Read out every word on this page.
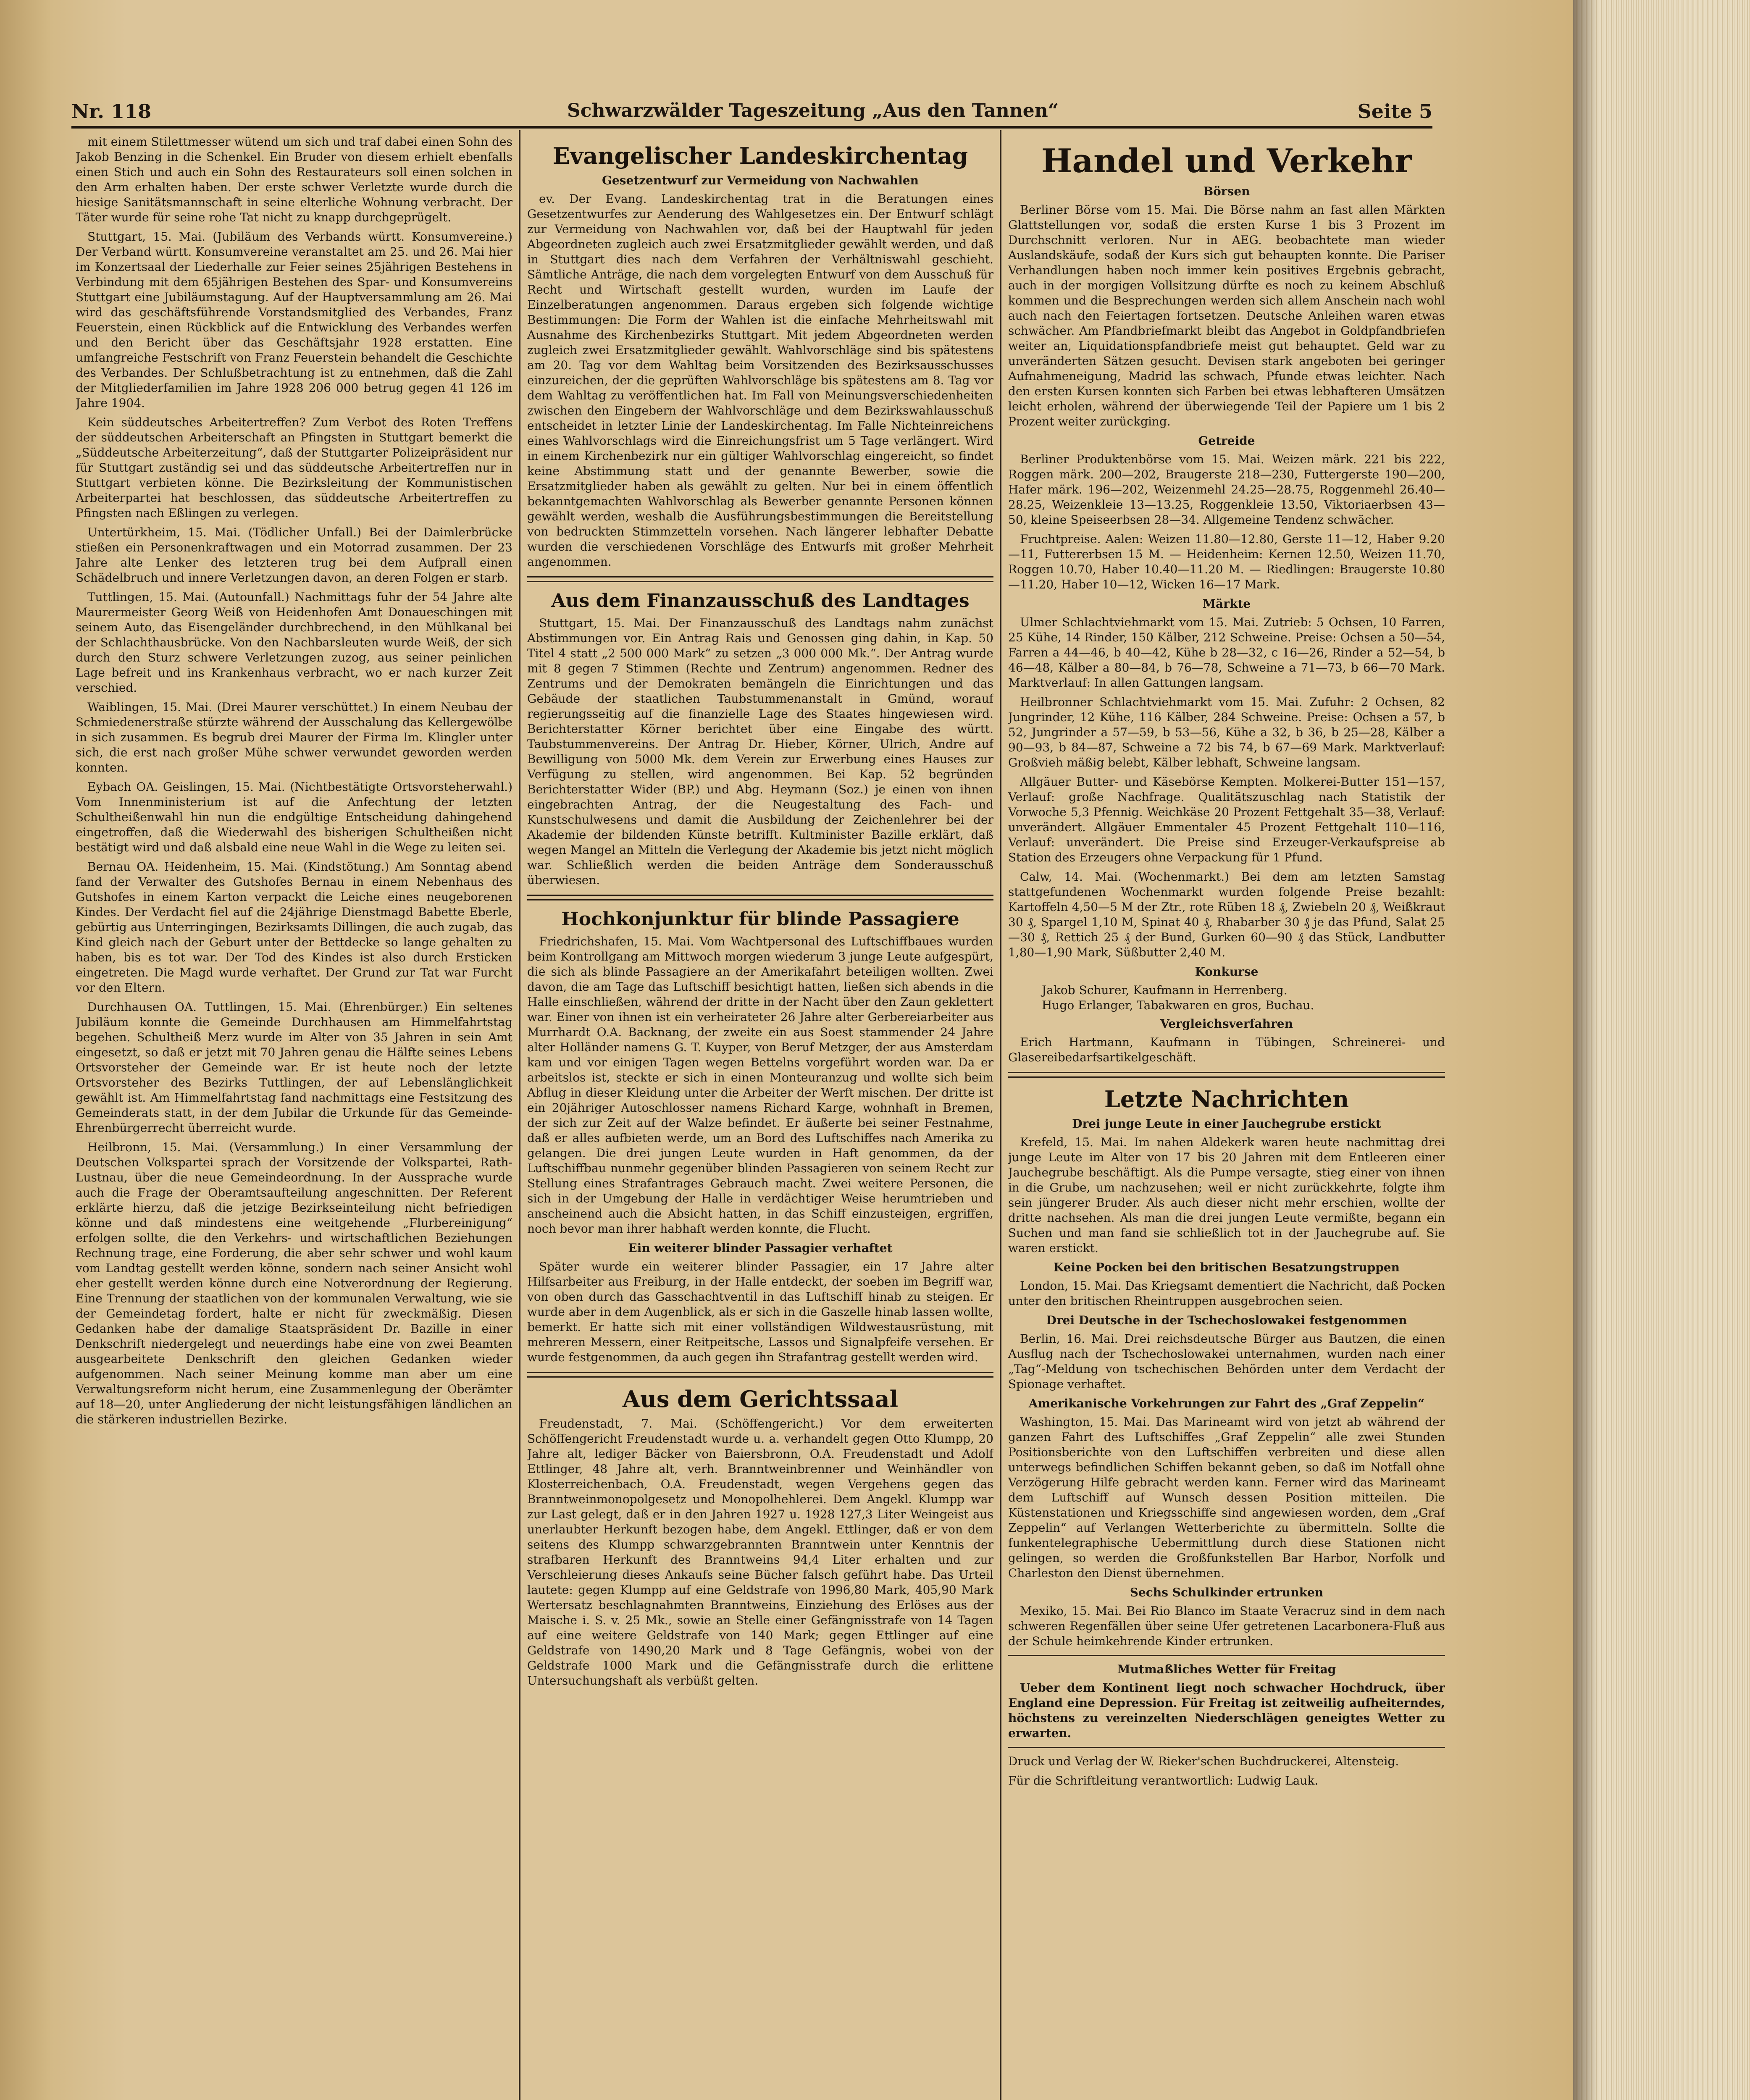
Nr. 118	Schwarzwälder Tageszeitung „Aus den Tannen“	Seite 5

mit einem Stilettmesser wütend um sich und traf dabei einen Sohn des Jakob Benzing in die Schenkel. Ein Bruder von diesem erhielt ebenfalls einen Stich und auch ein Sohn des Restaurateurs soll einen solchen in den Arm erhalten haben. Der erste schwer Verletzte wurde durch die hiesige Sanitätsmannschaft in seine elterliche Wohnung verbracht. Der Täter wurde für seine rohe Tat nicht zu knapp durchgeprügelt.

Stuttgart, 15. Mai. (Jubiläum des Verbands württ. Konsumvereine.) Der Verband württ. Konsumvereine veranstaltet am 25. und 26. Mai hier im Konzertsaal der Liederhalle zur Feier seines 25jährigen Bestehens in Verbindung mit dem 65jährigen Bestehen des Spar- und Konsumvereins Stuttgart eine Jubiläumstagung. Auf der Hauptversammlung am 26. Mai wird das geschäftsführende Vorstandsmitglied des Verbandes, Franz Feuerstein, einen Rückblick auf die Entwicklung des Verbandes werfen und den Bericht über das Geschäftsjahr 1928 erstatten. Eine umfangreiche Festschrift von Franz Feuerstein behandelt die Geschichte des Verbandes. Der Schlußbetrachtung ist zu entnehmen, daß die Zahl der Mitgliederfamilien im Jahre 1928 206 000 betrug gegen 41 126 im Jahre 1904.

Kein süddeutsches Arbeitertreffen? Zum Verbot des Roten Treffens der süddeutschen Arbeiterschaft an Pfingsten in Stuttgart bemerkt die „Süddeutsche Arbeiterzeitung“, daß der Stuttgarter Polizeipräsident nur für Stuttgart zuständig sei und das süddeutsche Arbeitertreffen nur in Stuttgart verbieten könne. Die Bezirksleitung der Kommunistischen Arbeiterpartei hat beschlossen, das süddeutsche Arbeitertreffen zu Pfingsten nach Eßlingen zu verlegen.

Untertürkheim, 15. Mai. (Tödlicher Unfall.) Bei der Daimlerbrücke stießen ein Personenkraftwagen und ein Motorrad zusammen. Der 23 Jahre alte Lenker des letzteren trug bei dem Aufprall einen Schädelbruch und innere Verletzungen davon, an deren Folgen er starb.

Tuttlingen, 15. Mai. (Autounfall.) Nachmittags fuhr der 54 Jahre alte Maurermeister Georg Weiß von Heidenhofen Amt Donaueschingen mit seinem Auto, das Eisengeländer durchbrechend, in den Mühlkanal bei der Schlachthausbrücke. Von den Nachbarsleuten wurde Weiß, der sich durch den Sturz schwere Verletzungen zuzog, aus seiner peinlichen Lage befreit und ins Krankenhaus verbracht, wo er nach kurzer Zeit verschied.

Waiblingen, 15. Mai. (Drei Maurer verschüttet.) In einem Neubau der Schmiedenerstraße stürzte während der Ausschalung das Kellergewölbe in sich zusammen. Es begrub drei Maurer der Firma Im. Klingler unter sich, die erst nach großer Mühe schwer verwundet geworden werden konnten.

Eybach OA. Geislingen, 15. Mai. (Nichtbestätigte Ortsvorsteherwahl.) Vom Innenministerium ist auf die Anfechtung der letzten Schultheißenwahl hin nun die endgültige Entscheidung dahingehend eingetroffen, daß die Wiederwahl des bisherigen Schultheißen nicht bestätigt wird und daß alsbald eine neue Wahl in die Wege zu leiten sei.

Bernau OA. Heidenheim, 15. Mai. (Kindstötung.) Am Sonntag abend fand der Verwalter des Gutshofes Bernau in einem Nebenhaus des Gutshofes in einem Karton verpackt die Leiche eines neugeborenen Kindes. Der Verdacht fiel auf die 24jährige Dienstmagd Babette Eberle, gebürtig aus Unterringingen, Bezirksamts Dillingen, die auch zugab, das Kind gleich nach der Geburt unter der Bettdecke so lange gehalten zu haben, bis es tot war. Der Tod des Kindes ist also durch Ersticken eingetreten. Die Magd wurde verhaftet. Der Grund zur Tat war Furcht vor den Eltern.

Durchhausen OA. Tuttlingen, 15. Mai. (Ehrenbürger.) Ein seltenes Jubiläum konnte die Gemeinde Durchhausen am Himmelfahrtstag begehen. Schultheiß Merz wurde im Alter von 35 Jahren in sein Amt eingesetzt, so daß er jetzt mit 70 Jahren genau die Hälfte seines Lebens Ortsvorsteher der Gemeinde war. Er ist heute noch der letzte Ortsvorsteher des Bezirks Tuttlingen, der auf Lebenslänglichkeit gewählt ist. Am Himmelfahrtstag fand nachmittags eine Festsitzung des Gemeinderats statt, in der dem Jubilar die Urkunde für das Gemeinde-Ehrenbürgerrecht überreicht wurde.

Heilbronn, 15. Mai. (Versammlung.) In einer Versammlung der Deutschen Volkspartei sprach der Vorsitzende der Volkspartei, Rath-Lustnau, über die neue Gemeindeordnung. In der Aussprache wurde auch die Frage der Oberamtsaufteilung angeschnitten. Der Referent erklärte hierzu, daß die jetzige Bezirkseinteilung nicht befriedigen könne und daß mindestens eine weitgehende „Flurbereinigung“ erfolgen sollte, die den Verkehrs- und wirtschaftlichen Beziehungen Rechnung trage, eine Forderung, die aber sehr schwer und wohl kaum vom Landtag gestellt werden könne, sondern nach seiner Ansicht wohl eher gestellt werden könne durch eine Notverordnung der Regierung. Eine Trennung der staatlichen von der kommunalen Verwaltung, wie sie der Gemeindetag fordert, halte er nicht für zweckmäßig. Diesen Gedanken habe der damalige Staatspräsident Dr. Bazille in einer Denkschrift niedergelegt und neuerdings habe eine von zwei Beamten ausgearbeitete Denkschrift den gleichen Gedanken wieder aufgenommen. Nach seiner Meinung komme man aber um eine Verwaltungsreform nicht herum, eine Zusammenlegung der Oberämter auf 18—20, unter Angliederung der nicht leistungsfähigen ländlichen an die stärkeren industriellen Bezirke.

Evangelischer Landeskirchentag
Gesetzentwurf zur Vermeidung von Nachwahlen

ev. Der Evang. Landeskirchentag trat in die Beratungen eines Gesetzentwurfes zur Aenderung des Wahlgesetzes ein. Der Entwurf schlägt zur Vermeidung von Nachwahlen vor, daß bei der Hauptwahl für jeden Abgeordneten zugleich auch zwei Ersatzmitglieder gewählt werden, und daß in Stuttgart dies nach dem Verfahren der Verhältniswahl geschieht. Sämtliche Anträge, die nach dem vorgelegten Entwurf von dem Ausschuß für Recht und Wirtschaft gestellt wurden, wurden im Laufe der Einzelberatungen angenommen. Daraus ergeben sich folgende wichtige Bestimmungen: Die Form der Wahlen ist die einfache Mehrheitswahl mit Ausnahme des Kirchenbezirks Stuttgart. Mit jedem Abgeordneten werden zugleich zwei Ersatzmitglieder gewählt. Wahlvorschläge sind bis spätestens am 20. Tag vor dem Wahltag beim Vorsitzenden des Bezirksausschusses einzureichen, der die geprüften Wahlvorschläge bis spätestens am 8. Tag vor dem Wahltag zu veröffentlichen hat. Im Fall von Meinungsverschiedenheiten zwischen den Eingebern der Wahlvorschläge und dem Bezirkswahlausschuß entscheidet in letzter Linie der Landeskirchentag. Im Falle Nichteinreichens eines Wahlvorschlags wird die Einreichungsfrist um 5 Tage verlängert. Wird in einem Kirchenbezirk nur ein gültiger Wahlvorschlag eingereicht, so findet keine Abstimmung statt und der genannte Bewerber, sowie die Ersatzmitglieder haben als gewählt zu gelten. Nur bei in einem öffentlich bekanntgemachten Wahlvorschlag als Bewerber genannte Personen können gewählt werden, weshalb die Ausführungsbestimmungen die Bereitstellung von bedruckten Stimmzetteln vorsehen. Nach längerer lebhafter Debatte wurden die verschiedenen Vorschläge des Entwurfs mit großer Mehrheit angenommen.

Aus dem Finanzausschuß des Landtages

Stuttgart, 15. Mai. Der Finanzausschuß des Landtags nahm zunächst Abstimmungen vor. Ein Antrag Rais und Genossen ging dahin, in Kap. 50 Titel 4 statt „2 500 000 Mark“ zu setzen „3 000 000 Mk.“. Der Antrag wurde mit 8 gegen 7 Stimmen (Rechte und Zentrum) angenommen. Redner des Zentrums und der Demokraten bemängeln die Einrichtungen und das Gebäude der staatlichen Taubstummenanstalt in Gmünd, worauf regierungsseitig auf die finanzielle Lage des Staates hingewiesen wird. Berichterstatter Körner berichtet über eine Eingabe des württ. Taubstummenvereins. Der Antrag Dr. Hieber, Körner, Ulrich, Andre auf Bewilligung von 5000 Mk. dem Verein zur Erwerbung eines Hauses zur Verfügung zu stellen, wird angenommen. Bei Kap. 52 begründen Berichterstatter Wider (BP.) und Abg. Heymann (Soz.) je einen von ihnen eingebrachten Antrag, der die Neugestaltung des Fach- und Kunstschulwesens und damit die Ausbildung der Zeichenlehrer bei der Akademie der bildenden Künste betrifft. Kultminister Bazille erklärt, daß wegen Mangel an Mitteln die Verlegung der Akademie bis jetzt nicht möglich war. Schließlich werden die beiden Anträge dem Sonderausschuß überwiesen.

Hochkonjunktur für blinde Passagiere

Friedrichshafen, 15. Mai. Vom Wachtpersonal des Luftschiffbaues wurden beim Kontrollgang am Mittwoch morgen wiederum 3 junge Leute aufgespürt, die sich als blinde Passagiere an der Amerikafahrt beteiligen wollten. Zwei davon, die am Tage das Luftschiff besichtigt hatten, ließen sich abends in die Halle einschließen, während der dritte in der Nacht über den Zaun geklettert war. Einer von ihnen ist ein verheirateter 26 Jahre alter Gerbereiarbeiter aus Murrhardt O.A. Backnang, der zweite ein aus Soest stammender 24 Jahre alter Holländer namens G. T. Kuyper, von Beruf Metzger, der aus Amsterdam kam und vor einigen Tagen wegen Bettelns vorgeführt worden war. Da er arbeitslos ist, steckte er sich in einen Monteuranzug und wollte sich beim Abflug in dieser Kleidung unter die Arbeiter der Werft mischen. Der dritte ist ein 20jähriger Autoschlosser namens Richard Karge, wohnhaft in Bremen, der sich zur Zeit auf der Walze befindet. Er äußerte bei seiner Festnahme, daß er alles aufbieten werde, um an Bord des Luftschiffes nach Amerika zu gelangen. Die drei jungen Leute wurden in Haft genommen, da der Luftschiffbau nunmehr gegenüber blinden Passagieren von seinem Recht zur Stellung eines Strafantrages Gebrauch macht. Zwei weitere Personen, die sich in der Umgebung der Halle in verdächtiger Weise herumtrieben und anscheinend auch die Absicht hatten, in das Schiff einzusteigen, ergriffen, noch bevor man ihrer habhaft werden konnte, die Flucht.

Ein weiterer blinder Passagier verhaftet

Später wurde ein weiterer blinder Passagier, ein 17 Jahre alter Hilfsarbeiter aus Freiburg, in der Halle entdeckt, der soeben im Begriff war, von oben durch das Gasschachtventil in das Luftschiff hinab zu steigen. Er wurde aber in dem Augenblick, als er sich in die Gaszelle hinab lassen wollte, bemerkt. Er hatte sich mit einer vollständigen Wildwestausrüstung, mit mehreren Messern, einer Reitpeitsche, Lassos und Signalpfeife versehen. Er wurde festgenommen, da auch gegen ihn Strafantrag gestellt werden wird.

Aus dem Gerichtssaal

Freudenstadt, 7. Mai. (Schöffengericht.) Vor dem erweiterten Schöffengericht Freudenstadt wurde u. a. verhandelt gegen Otto Klumpp, 20 Jahre alt, lediger Bäcker von Baiersbronn, O.A. Freudenstadt und Adolf Ettlinger, 48 Jahre alt, verh. Branntweinbrenner und Weinhändler von Klosterreichenbach, O.A. Freudenstadt, wegen Vergehens gegen das Branntweinmonopolgesetz und Monopolhehlerei. Dem Angekl. Klumpp war zur Last gelegt, daß er in den Jahren 1927 u. 1928 127,3 Liter Weingeist aus unerlaubter Herkunft bezogen habe, dem Angekl. Ettlinger, daß er von dem seitens des Klumpp schwarzgebrannten Branntwein unter Kenntnis der strafbaren Herkunft des Branntweins 94,4 Liter erhalten und zur Verschleierung dieses Ankaufs seine Bücher falsch geführt habe. Das Urteil lautete: gegen Klumpp auf eine Geldstrafe von 1996,80 Mark, 405,90 Mark Wertersatz beschlagnahmten Branntweins, Einziehung des Erlöses aus der Maische i. S. v. 25 Mk., sowie an Stelle einer Gefängnisstrafe von 14 Tagen auf eine weitere Geldstrafe von 140 Mark; gegen Ettlinger auf eine Geldstrafe von 1490,20 Mark und 8 Tage Gefängnis, wobei von der Geldstrafe 1000 Mark und die Gefängnisstrafe durch die erlittene Untersuchungshaft als verbüßt gelten.

Handel und Verkehr
Börsen

Berliner Börse vom 15. Mai. Die Börse nahm an fast allen Märkten Glattstellungen vor, sodaß die ersten Kurse 1 bis 3 Prozent im Durchschnitt verloren. Nur in AEG. beobachtete man wieder Auslandskäufe, sodaß der Kurs sich gut behaupten konnte. Die Pariser Verhandlungen haben noch immer kein positives Ergebnis gebracht, auch in der morgigen Vollsitzung dürfte es noch zu keinem Abschluß kommen und die Besprechungen werden sich allem Anschein nach wohl auch nach den Feiertagen fortsetzen. Deutsche Anleihen waren etwas schwächer. Am Pfandbriefmarkt bleibt das Angebot in Goldpfandbriefen weiter an, Liquidationspfandbriefe meist gut behauptet. Geld war zu unveränderten Sätzen gesucht. Devisen stark angeboten bei geringer Aufnahmeneigung, Madrid las schwach, Pfunde etwas leichter. Nach den ersten Kursen konnten sich Farben bei etwas lebhafteren Umsätzen leicht erholen, während der überwiegende Teil der Papiere um 1 bis 2 Prozent weiter zurückging.

Getreide

Berliner Produktenbörse vom 15. Mai. Weizen märk. 221 bis 222, Roggen märk. 200—202, Braugerste 218—230, Futtergerste 190—200, Hafer märk. 196—202, Weizenmehl 24.25—28.75, Roggenmehl 26.40—28.25, Weizenkleie 13—13.25, Roggenkleie 13.50, Viktoriaerbsen 43—50, kleine Speiseerbsen 28—34. Allgemeine Tendenz schwächer.

Fruchtpreise. Aalen: Weizen 11.80—12.80, Gerste 11—12, Haber 9.20—11, Futtererbsen 15 M. — Heidenheim: Kernen 12.50, Weizen 11.70, Roggen 10.70, Haber 10.40—11.20 M. — Riedlingen: Braugerste 10.80—11.20, Haber 10—12, Wicken 16—17 Mark.

Märkte

Ulmer Schlachtviehmarkt vom 15. Mai. Zutrieb: 5 Ochsen, 10 Farren, 25 Kühe, 14 Rinder, 150 Kälber, 212 Schweine. Preise: Ochsen a 50—54, Farren a 44—46, b 40—42, Kühe b 28—32, c 16—26, Rinder a 52—54, b 46—48, Kälber a 80—84, b 76—78, Schweine a 71—73, b 66—70 Mark. Marktverlauf: In allen Gattungen langsam.

Heilbronner Schlachtviehmarkt vom 15. Mai. Zufuhr: 2 Ochsen, 82 Jungrinder, 12 Kühe, 116 Kälber, 284 Schweine. Preise: Ochsen a 57, b 52, Jungrinder a 57—59, b 53—56, Kühe a 32, b 36, b 25—28, Kälber a 90—93, b 84—87, Schweine a 72 bis 74, b 67—69 Mark. Marktverlauf: Großvieh mäßig belebt, Kälber lebhaft, Schweine langsam.

Allgäuer Butter- und Käsebörse Kempten. Molkerei-Butter 151—157, Verlauf: große Nachfrage. Qualitätszuschlag nach Statistik der Vorwoche 5,3 Pfennig. Weichkäse 20 Prozent Fettgehalt 35—38, Verlauf: unverändert. Allgäuer Emmentaler 45 Prozent Fettgehalt 110—116, Verlauf: unverändert. Die Preise sind Erzeuger-Verkaufspreise ab Station des Erzeugers ohne Verpackung für 1 Pfund.

Calw, 14. Mai. (Wochenmarkt.) Bei dem am letzten Samstag stattgefundenen Wochenmarkt wurden folgende Preise bezahlt: Kartoffeln 4,50—5 M der Ztr., rote Rüben 18 ₰, Zwiebeln 20 ₰, Weißkraut 30 ₰, Spargel 1,10 M, Spinat 40 ₰, Rhabarber 30 ₰ je das Pfund, Salat 25—30 ₰, Rettich 25 ₰ der Bund, Gurken 60—90 ₰ das Stück, Landbutter 1,80—1,90 Mark, Süßbutter 2,40 M.

Konkurse

Jakob Schurer, Kaufmann in Herrenberg.

Hugo Erlanger, Tabakwaren en gros, Buchau.

Vergleichsverfahren

Erich Hartmann, Kaufmann in Tübingen, Schreinerei- und Glasereibedarfsartikelgeschäft.

Letzte Nachrichten
Drei junge Leute in einer Jauchegrube erstickt

Krefeld, 15. Mai. Im nahen Aldekerk waren heute nachmittag drei junge Leute im Alter von 17 bis 20 Jahren mit dem Entleeren einer Jauchegrube beschäftigt. Als die Pumpe versagte, stieg einer von ihnen in die Grube, um nachzusehen; weil er nicht zurückkehrte, folgte ihm sein jüngerer Bruder. Als auch dieser nicht mehr erschien, wollte der dritte nachsehen. Als man die drei jungen Leute vermißte, begann ein Suchen und man fand sie schließlich tot in der Jauchegrube auf. Sie waren erstickt.

Keine Pocken bei den britischen Besatzungstruppen

London, 15. Mai. Das Kriegsamt dementiert die Nachricht, daß Pocken unter den britischen Rheintruppen ausgebrochen seien.

Drei Deutsche in der Tschechoslowakei festgenommen

Berlin, 16. Mai. Drei reichsdeutsche Bürger aus Bautzen, die einen Ausflug nach der Tschechoslowakei unternahmen, wurden nach einer „Tag“-Meldung von tschechischen Behörden unter dem Verdacht der Spionage verhaftet.

Amerikanische Vorkehrungen zur Fahrt des „Graf Zeppelin“

Washington, 15. Mai. Das Marineamt wird von jetzt ab während der ganzen Fahrt des Luftschiffes „Graf Zeppelin“ alle zwei Stunden Positionsberichte von den Luftschiffen verbreiten und diese allen unterwegs befindlichen Schiffen bekannt geben, so daß im Notfall ohne Verzögerung Hilfe gebracht werden kann. Ferner wird das Marineamt dem Luftschiff auf Wunsch dessen Position mitteilen. Die Küstenstationen und Kriegsschiffe sind angewiesen worden, dem „Graf Zeppelin“ auf Verlangen Wetterberichte zu übermitteln. Sollte die funkentelegraphische Uebermittlung durch diese Stationen nicht gelingen, so werden die Großfunkstellen Bar Harbor, Norfolk und Charleston den Dienst übernehmen.

Sechs Schulkinder ertrunken

Mexiko, 15. Mai. Bei Rio Blanco im Staate Veracruz sind in dem nach schweren Regenfällen über seine Ufer getretenen Lacarbonera-Fluß aus der Schule heimkehrende Kinder ertrunken.

Mutmaßliches Wetter für Freitag

Ueber dem Kontinent liegt noch schwacher Hochdruck, über England eine Depression. Für Freitag ist zeitweilig aufheiterndes, höchstens zu vereinzelten Niederschlägen geneigtes Wetter zu erwarten.

Druck und Verlag der W. Rieker'schen Buchdruckerei, Altensteig.

Für die Schriftleitung verantwortlich: Ludwig Lauk.
